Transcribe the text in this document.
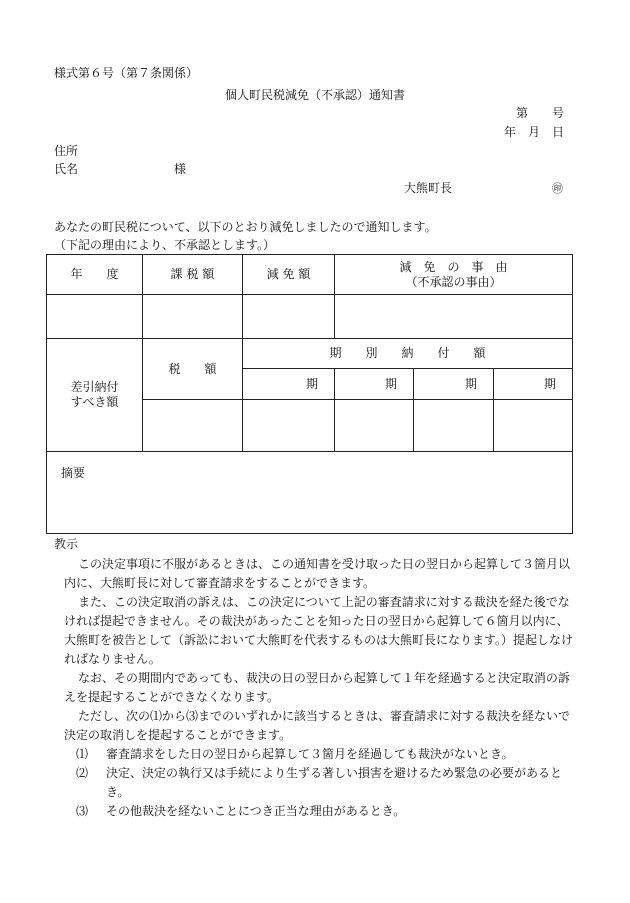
様式第６号（第７条関係）
個人町民税減免（不承認）通知書
第　　号
年　月　日
住所
氏名	様
大熊町長	㊞
あなたの町民税について、以下のとおり減免しましたので通知します。
（下記の理由により、不承認とします。）
年　　度	課 税 額	減 免 額	減　免　の　事　由
（不承認の事由）		

差引納付
すべき額	税　　額	期　　別　　納　　付　　額			
		期	期	期	期

摘要					
教示
この決定事項に不服があるときは、この通知書を受け取った日の翌日から起算して３箇月以内に、大熊町長に対して審査請求をすることができます。
また、この決定取消の訴えは、この決定について上記の審査請求に対する裁決を経た後でなければ提起できません。その裁決があったことを知った日の翌日から起算して６箇月以内に、大熊町を被告として（訴訟において大熊町を代表するものは大熊町長になります。）提起しなければなりません。
なお、その期間内であっても、裁決の日の翌日から起算して１年を経過すると決定取消の訴えを提起することができなくなります。
ただし、次の⑴から⑶までのいずれかに該当するときは、審査請求に対する裁決を経ないで決定の取消しを提起することができます。
⑴	審査請求をした日の翌日から起算して３箇月を経過しても裁決がないとき。
⑵	決定、決定の執行又は手続により生ずる著しい損害を避けるため緊急の必要があるとき。
⑶	その他裁決を経ないことにつき正当な理由があるとき。
